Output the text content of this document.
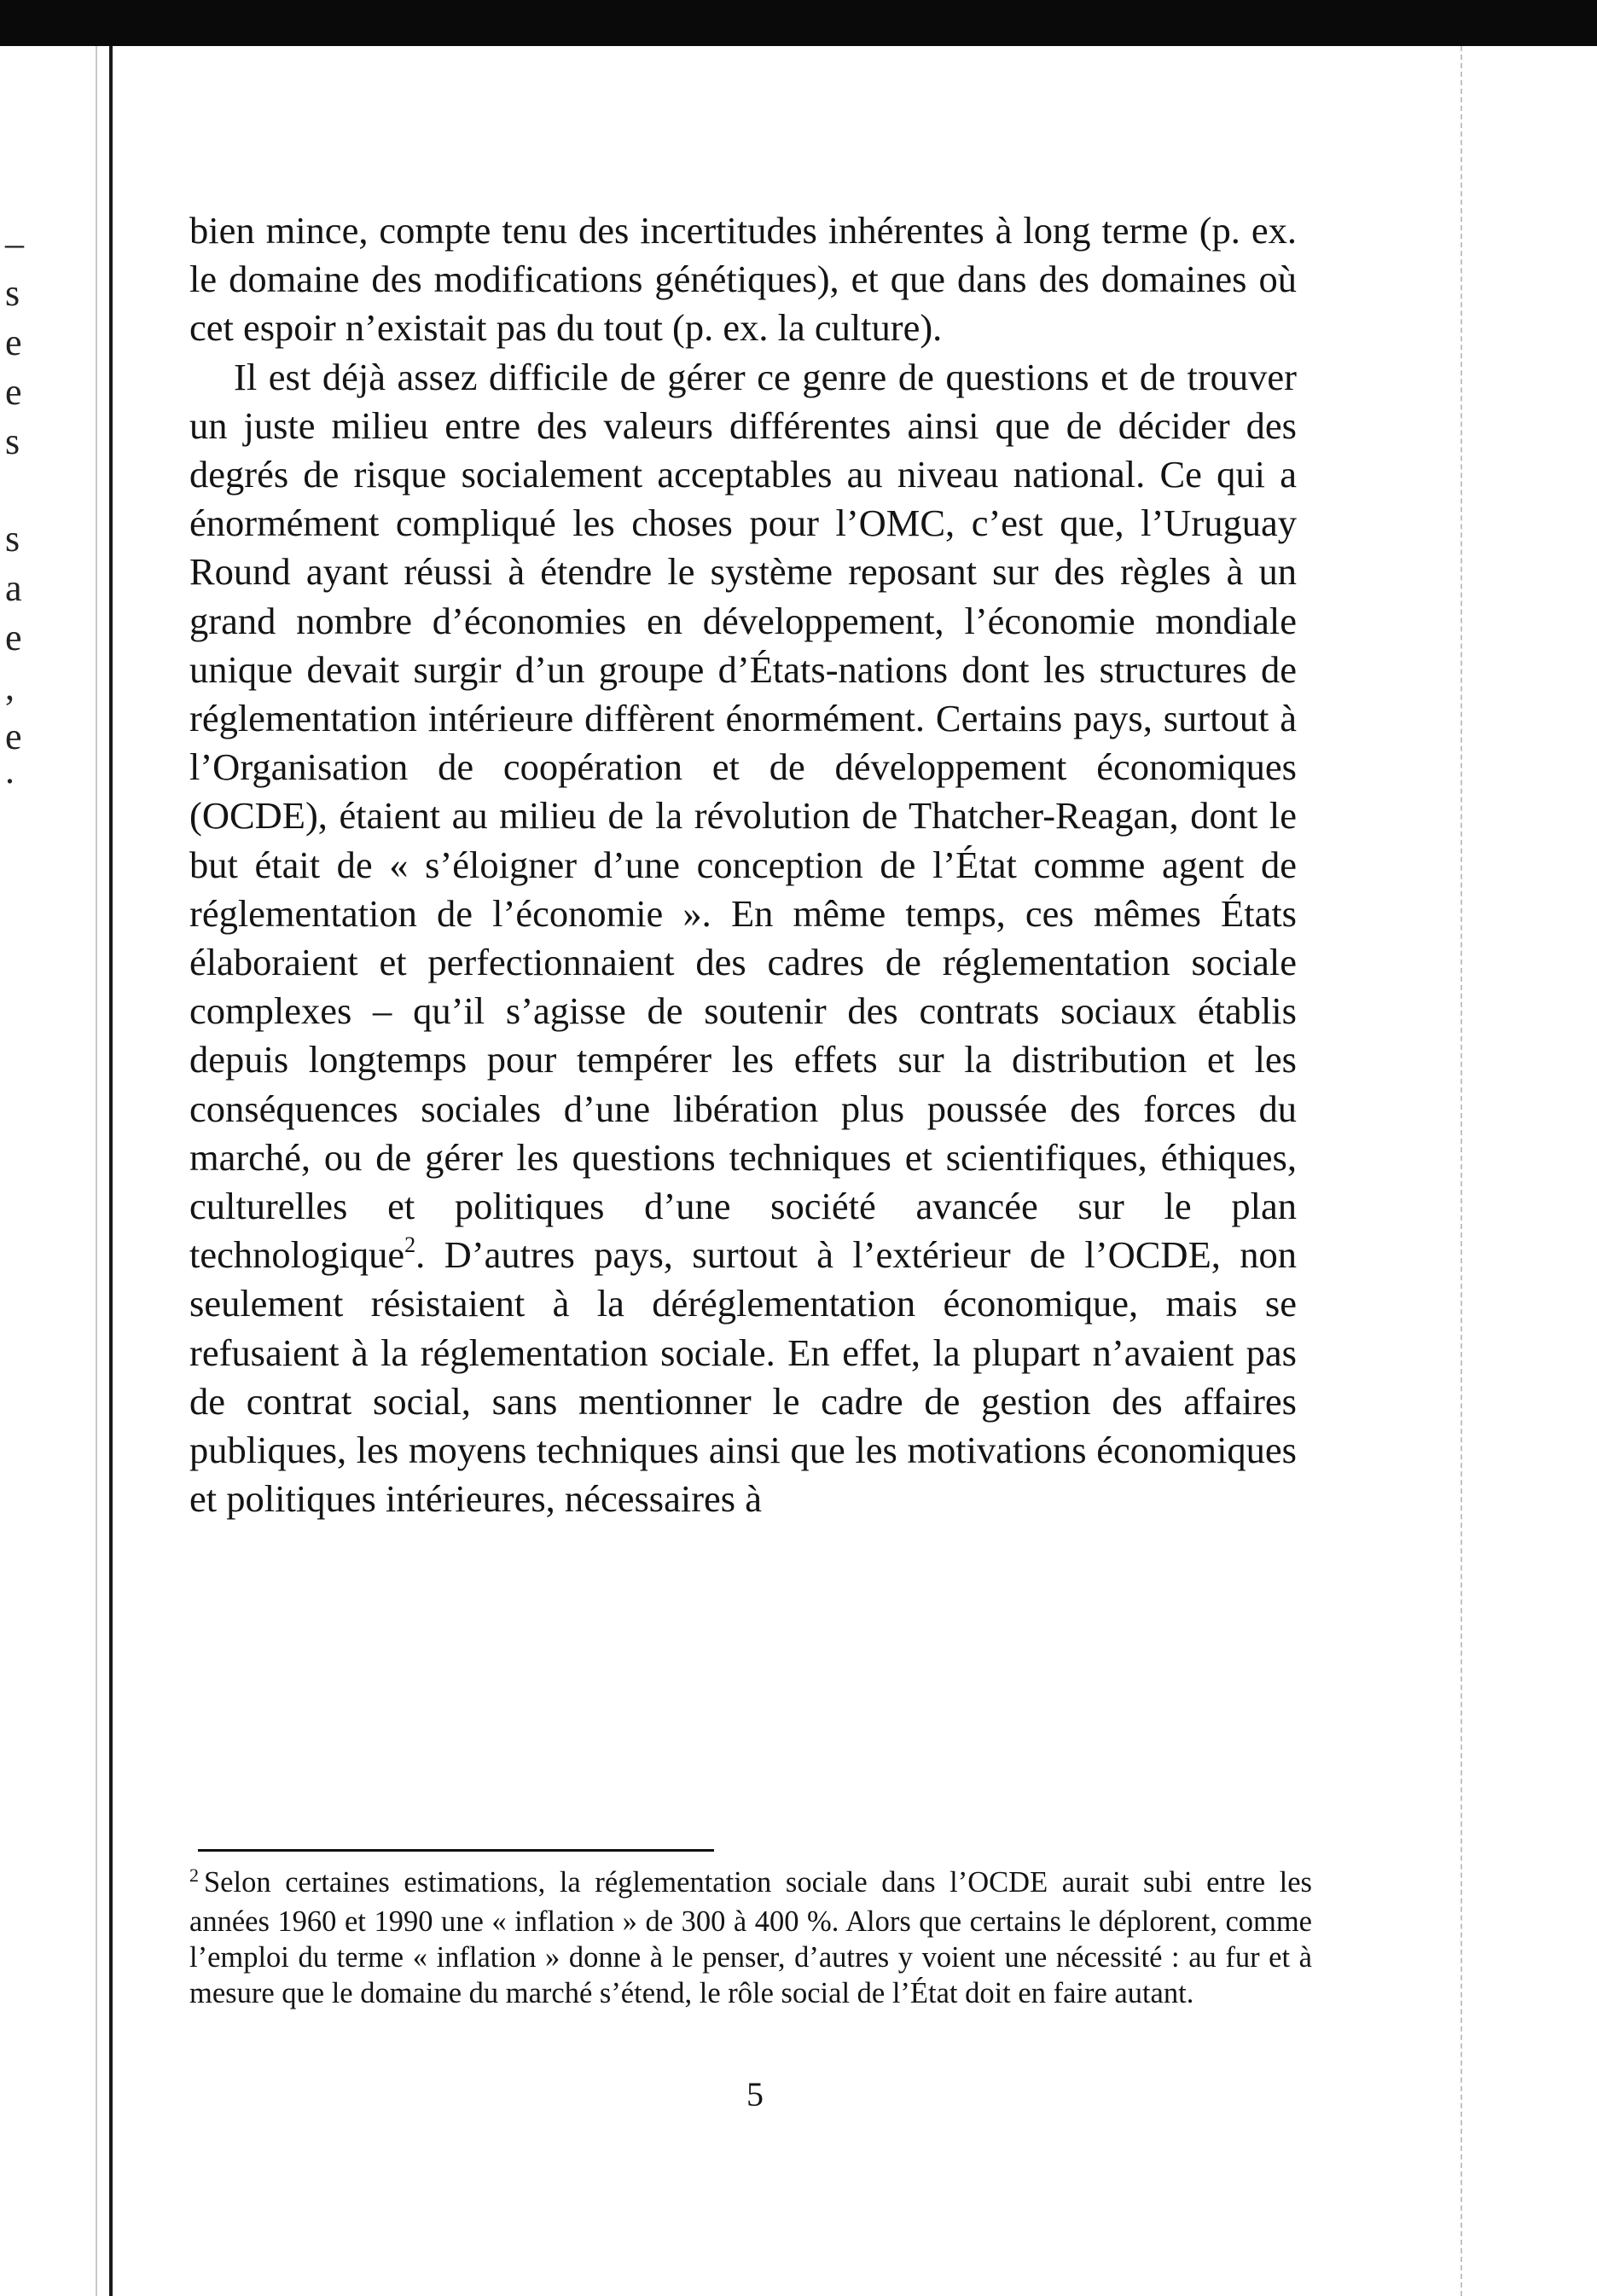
–
s
e
e
s
s
a
e
,
e
.

bien mince, compte tenu des incertitudes inhérentes à long terme (p. ex. le domaine des modifications génétiques), et que dans des domaines où cet espoir n’existait pas du tout (p. ex. la culture).

Il est déjà assez difficile de gérer ce genre de questions et de trouver un juste milieu entre des valeurs différentes ainsi que de décider des degrés de risque socialement acceptables au niveau national. Ce qui a énormément compliqué les choses pour l’OMC, c’est que, l’Uruguay Round ayant réussi à étendre le système reposant sur des règles à un grand nombre d’économies en développement, l’économie mondiale unique devait surgir d’un groupe d’États-nations dont les structures de réglementation intérieure diffèrent énormément. Certains pays, surtout à l’Organisation de coopération et de développement économiques (OCDE), étaient au milieu de la révolution de Thatcher-Reagan, dont le but était de « s’éloigner d’une conception de l’État comme agent de réglementation de l’économie ». En même temps, ces mêmes États élaboraient et perfectionnaient des cadres de réglementation sociale complexes – qu’il s’agisse de soutenir des contrats sociaux établis depuis longtemps pour tempérer les effets sur la distribution et les conséquences sociales d’une libération plus poussée des forces du marché, ou de gérer les questions techniques et scientifiques, éthiques, culturelles et politiques d’une société avancée sur le plan technologique$^2$. D’autres pays, surtout à l’extérieur de l’OCDE, non seulement résistaient à la déréglementation économique, mais se refusaient à la réglementation sociale. En effet, la plupart n’avaient pas de contrat social, sans mentionner le cadre de gestion des affaires publiques, les moyens techniques ainsi que les motivations économiques et politiques intérieures, nécessaires à

$^2$ Selon certaines estimations, la réglementation sociale dans l’OCDE aurait subi entre les années 1960 et 1990 une « inflation » de 300 à 400 %. Alors que certains le déplorent, comme l’emploi du terme « inflation » donne à le penser, d’autres y voient une nécessité : au fur et à mesure que le domaine du marché s’étend, le rôle social de l’État doit en faire autant.

5
